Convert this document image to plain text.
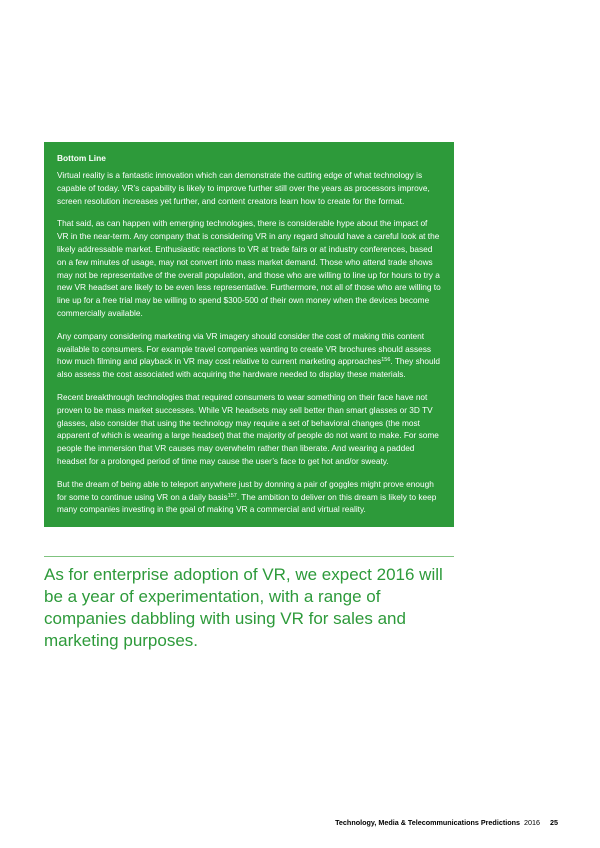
Bottom Line

Virtual reality is a fantastic innovation which can demonstrate the cutting edge of what technology is capable of today. VR’s capability is likely to improve further still over the years as processors improve, screen resolution increases yet further, and content creators learn how to create for the format.

That said, as can happen with emerging technologies, there is considerable hype about the impact of VR in the near-term. Any company that is considering VR in any regard should have a careful look at the likely addressable market. Enthusiastic reactions to VR at trade fairs or at industry conferences, based on a few minutes of usage, may not convert into mass market demand. Those who attend trade shows may not be representative of the overall population, and those who are willing to line up for hours to try a new VR headset are likely to be even less representative. Furthermore, not all of those who are willing to line up for a free trial may be willing to spend $300-500 of their own money when the devices become commercially available.

Any company considering marketing via VR imagery should consider the cost of making this content available to consumers. For example travel companies wanting to create VR brochures should assess how much filming and playback in VR may cost relative to current marketing approaches$^{156}$. They should also assess the cost associated with acquiring the hardware needed to display these materials.

Recent breakthrough technologies that required consumers to wear something on their face have not proven to be mass market successes. While VR headsets may sell better than smart glasses or 3D TV glasses, also consider that using the technology may require a set of behavioral changes (the most apparent of which is wearing a large headset) that the majority of people do not want to make. For some people the immersion that VR causes may overwhelm rather than liberate. And wearing a padded headset for a prolonged period of time may cause the user’s face to get hot and/or sweaty.

But the dream of being able to teleport anywhere just by donning a pair of goggles might prove enough for some to continue using VR on a daily basis$^{157}$. The ambition to deliver on this dream is likely to keep many companies investing in the goal of making VR a commercial and virtual reality.

As for enterprise adoption of VR, we expect 2016 will be a year of experimentation, with a range of companies dabbling with using VR for sales and marketing purposes.

Technology, Media & Telecommunications Predictions 2016 25
